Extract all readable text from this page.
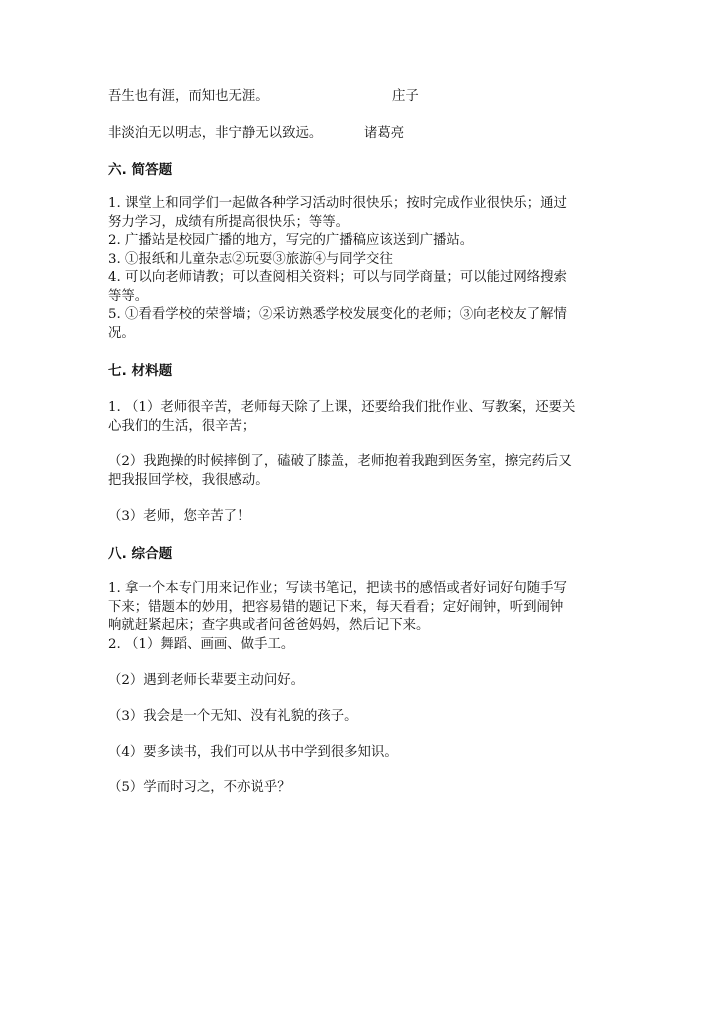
吾生也有涯，而知也无涯。	庄子
非淡泊无以明志，非宁静无以致远。	诸葛亮
六. 简答题
1. 课堂上和同学们一起做各种学习活动时很快乐；按时完成作业很快乐；通过
努力学习，成绩有所提高很快乐；等等。
2. 广播站是校园广播的地方，写完的广播稿应该送到广播站。
3. ①报纸和儿童杂志②玩耍③旅游④与同学交往
4. 可以向老师请教；可以查阅相关资料；可以与同学商量；可以能过网络搜索
等等。
5. ①看看学校的荣誉墙；②采访熟悉学校发展变化的老师；③向老校友了解情
况。
七. 材料题
1. （1）老师很辛苦，老师每天除了上课，还要给我们批作业、写教案，还要关
心我们的生活，很辛苦；
（2）我跑操的时候摔倒了，磕破了膝盖，老师抱着我跑到医务室，擦完药后又
把我报回学校，我很感动。
（3）老师，您辛苦了！
八. 综合题
1. 拿一个本专门用来记作业；写读书笔记，把读书的感悟或者好词好句随手写
下来；错题本的妙用，把容易错的题记下来，每天看看；定好闹钟，听到闹钟
响就赶紧起床；查字典或者问爸爸妈妈，然后记下来。
2. （1）舞蹈、画画、做手工。
（2）遇到老师长辈要主动问好。
（3）我会是一个无知、没有礼貌的孩子。
（4）要多读书，我们可以从书中学到很多知识。
（5）学而时习之，不亦说乎？
